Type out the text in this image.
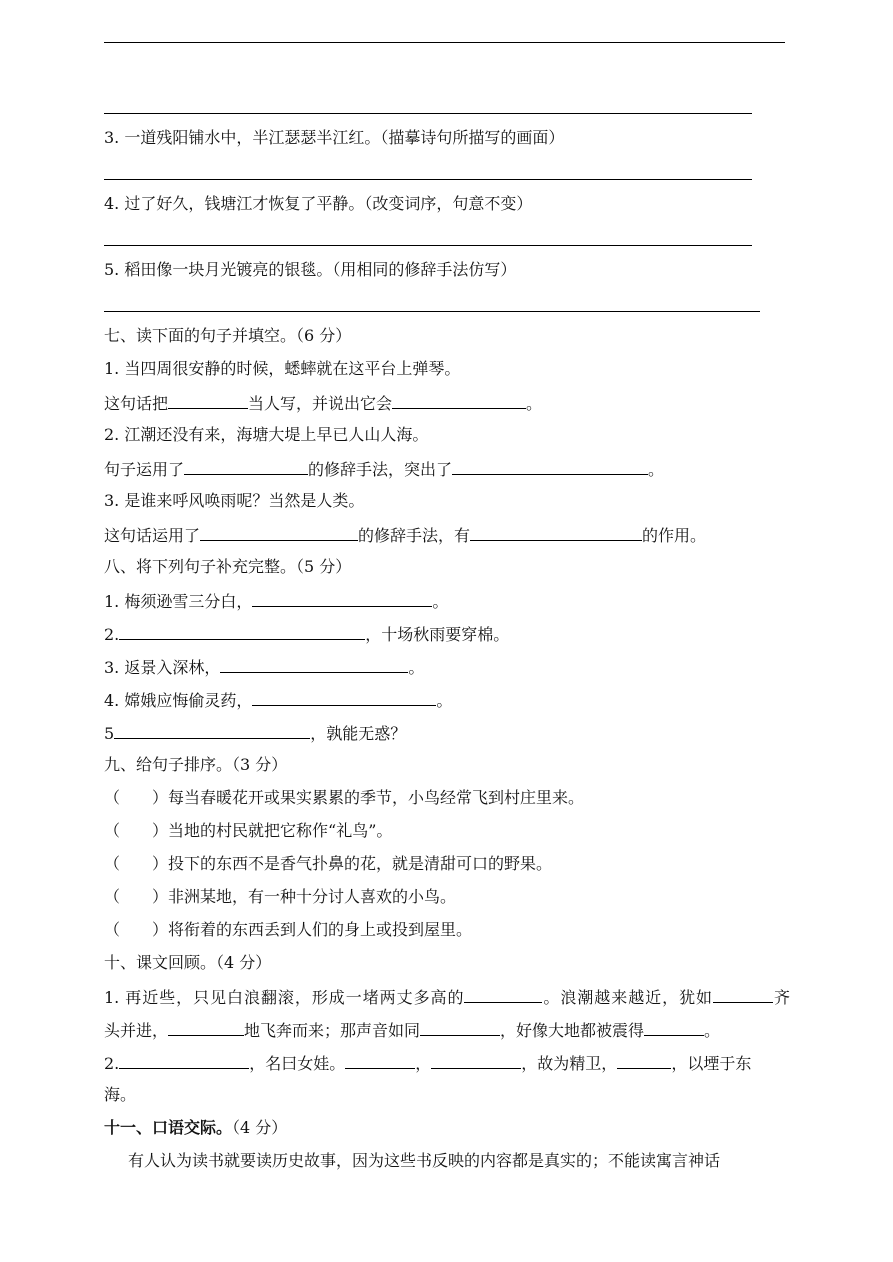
3. 一道残阳铺水中，半江瑟瑟半江红。（描摹诗句所描写的画面）
4. 过了好久，钱塘江才恢复了平静。（改变词序，句意不变）
5. 稻田像一块月光镀亮的银毯。（用相同的修辞手法仿写）
七、读下面的句子并填空。（6 分）
1. 当四周很安静的时候，蟋蟀就在这平台上弹琴。
这句话把	当人写，并说出它会	。
2. 江潮还没有来，海塘大堤上早已人山人海。
句子运用了	的修辞手法，突出了	。
3. 是谁来呼风唤雨呢？当然是人类。
这句话运用了	的修辞手法，有	的作用。
八、将下列句子补充完整。（5 分）
1. 梅须逊雪三分白，	。
2.	，十场秋雨要穿棉。
3. 返景入深林，	。
4. 嫦娥应悔偷灵药，	。
5	，孰能无惑？
九、给句子排序。（3 分）
（　　）每当春暖花开或果实累累的季节，小鸟经常飞到村庄里来。
（　　）当地的村民就把它称作“礼鸟”。
（　　）投下的东西不是香气扑鼻的花，就是清甜可口的野果。
（　　）非洲某地，有一种十分讨人喜欢的小鸟。
（　　）将衔着的东西丢到人们的身上或投到屋里。
十、课文回顾。（4 分）
1. 再近些，只见白浪翻滚，形成一堵两丈多高的	。浪潮越来越近，犹如	齐
头并进，	地飞奔而来；那声音如同	，好像大地都被震得	。
2.	，名曰女娃。	，	，故为精卫，	，以堙于东
海。
十一、口语交际。（4 分）
有人认为读书就要读历史故事，因为这些书反映的内容都是真实的；不能读寓言神话
